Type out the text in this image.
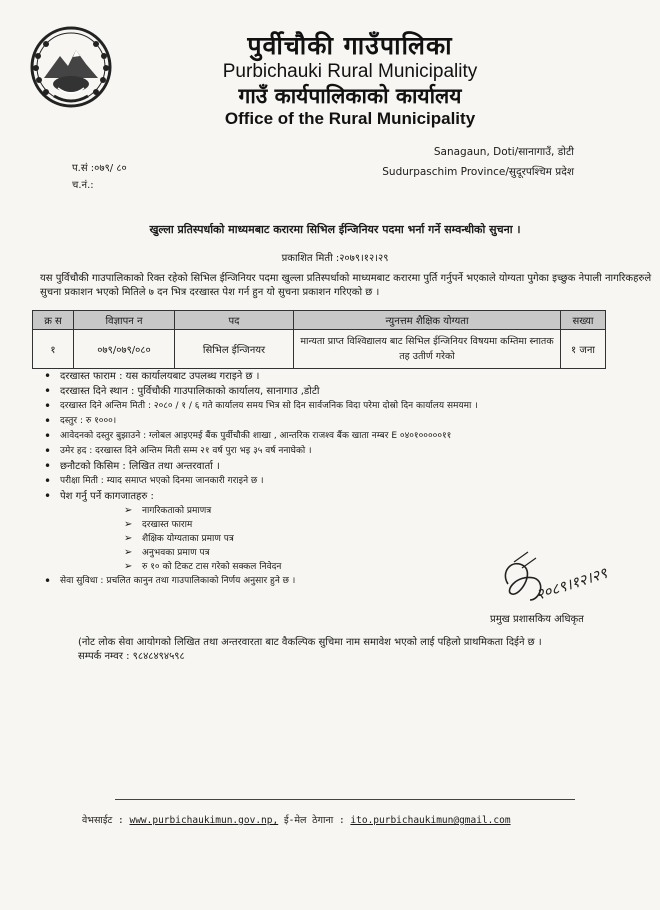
पुर्वीचौकी गाउँपालिका
Purbichauki Rural Municipality
गाउँ कार्यपालिकाको कार्यालय
Office of the Rural Municipality
Sanagaun, Doti/सानागाउँ, डोटी
Sudurpaschim Province/सुदूरपश्चिम प्रदेश
प.सं :०७९/ ८०
च.नं.:
खुल्ला प्रतिस्पर्धाको माध्यमबाट करारमा सिभिल ईन्जिनियर पदमा भर्ना गर्ने सम्वन्धीको सुचना ।
प्रकाशित मिती :२०७९।१२।२९
यस पुर्विचौकी गाउपालिकाको रिक्त रहेको सिभिल ईन्जिनियर पदमा खुल्ला प्रतिस्पर्धाको माध्यमबाट करारमा पुर्ति गर्नुपर्ने भएकाले योग्यता पुगेका इच्छुक नेपाली नागरिकहरुले सुचना प्रकाशन भएको मितिले ७ दन भित्र दरखास्त पेश गर्न हुन यो सुचना प्रकाशन गरिएको छ ।
क्र स	विज्ञापन न	पद	न्युनत्तम शैक्षिक योग्यता	सख्या
१	०७९/०७९/०८०	सिभिल ईन्जिनयर	मान्यता प्राप्त विश्विद्यालय बाट सिभिल ईन्जिनियर विषयमा कम्तिमा स्नातक तह उतीर्ण गरेको	१ जना
• दरखास्त फाराम : यस कार्यालयबाट उपलब्ध गराइने छ ।
• दरखास्त दिने स्थान : पुर्विचौकी गाउपालिकाको कार्यालय, सानागाउ ,डोटी
• दरखास्त दिने अन्तिम मिती : २०८० / १ / ६ गते कार्यालय समय भित्र सो दिन सार्वजनिक विदा परेमा दोस्रो दिन कार्यालय समयमा ।
• दस्तुर : रु १०००।
• आवेदनको दस्तुर बुझाउने : ग्लोबल आइएमई बैंक पुर्वीचौकी शाखा , आन्तरिक राजश्व बैंक खाता नम्बर E ०४०१०००००११
• उमेर हद : दरखास्त दिने अन्तिम मिती सम्म २१ वर्ष पुरा भइ ३५ वर्ष ननाघेको ।
• छनौटको किसिम : लिखित तथा अन्तरवार्ता ।
• परीक्षा मिती : म्याद समाप्त भएको दिनमा जानकारी गराइने छ ।
• पेश गर्नु पर्ने कागजातहरु :
➢ नागरिकताको प्रमाणत्र
➢ दरखास्त फाराम
➢ शैक्षिक योग्यताका प्रमाण पत्र
➢ अनुभवका प्रमाण पत्र
➢ रु १० को टिकट टास गरेको सक्कल निवेदन
• सेवा सुविधा : प्रचलित कानुन तथा गाउपालिकाको निर्णय अनुसार हुने छ ।	२०८९।१२।२९
प्रमुख प्रशासकिय अधिकृत
(नोट लोक सेवा आयोगको लिखित तथा अन्तरवारता बाट वैकल्पिक सुचिमा नाम समावेश भएको लाई पहिलो प्राथमिकता दिईने छ ।
सम्पर्क नम्वर : ९८४८४९४५९८
वेभसाईट : www.purbichaukimun.gov.np, ई-मेल ठेगाना : ito.purbichaukimun@gmail.com
